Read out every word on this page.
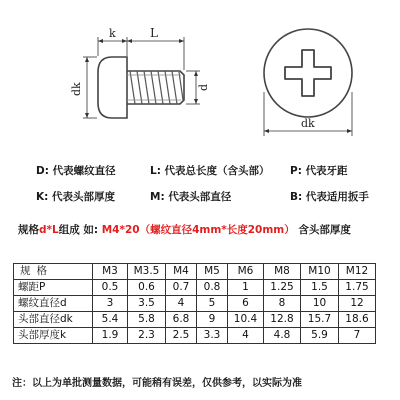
k	L
dk	d
dk
D: 代表螺纹直径	L: 代表总长度（含头部） P: 代表牙距
K: 代表头部厚度	M: 代表头部直径	B: 代表适用扳手
规格d*L组成 如: M4*20（螺纹直径4mm*长度20mm） 含头部厚度
规格	M3	M3.5	M4	M5	M6	M8	M10	M12
螺距P	0.5	0.6	0.7	0.8	1	1.25	1.5	1.75
螺纹直径d	3	3.5	4	5	6	8	10	12
头部直径dk	5.4	5.8	6.8	9	10.4	12.8	15.7	18.6
头部厚度k	1.9	2.3	2.5	3.3	4	4.8	5.9	7
注：以上为单批测量数据，可能稍有误差，仅供参考，以实际为准
